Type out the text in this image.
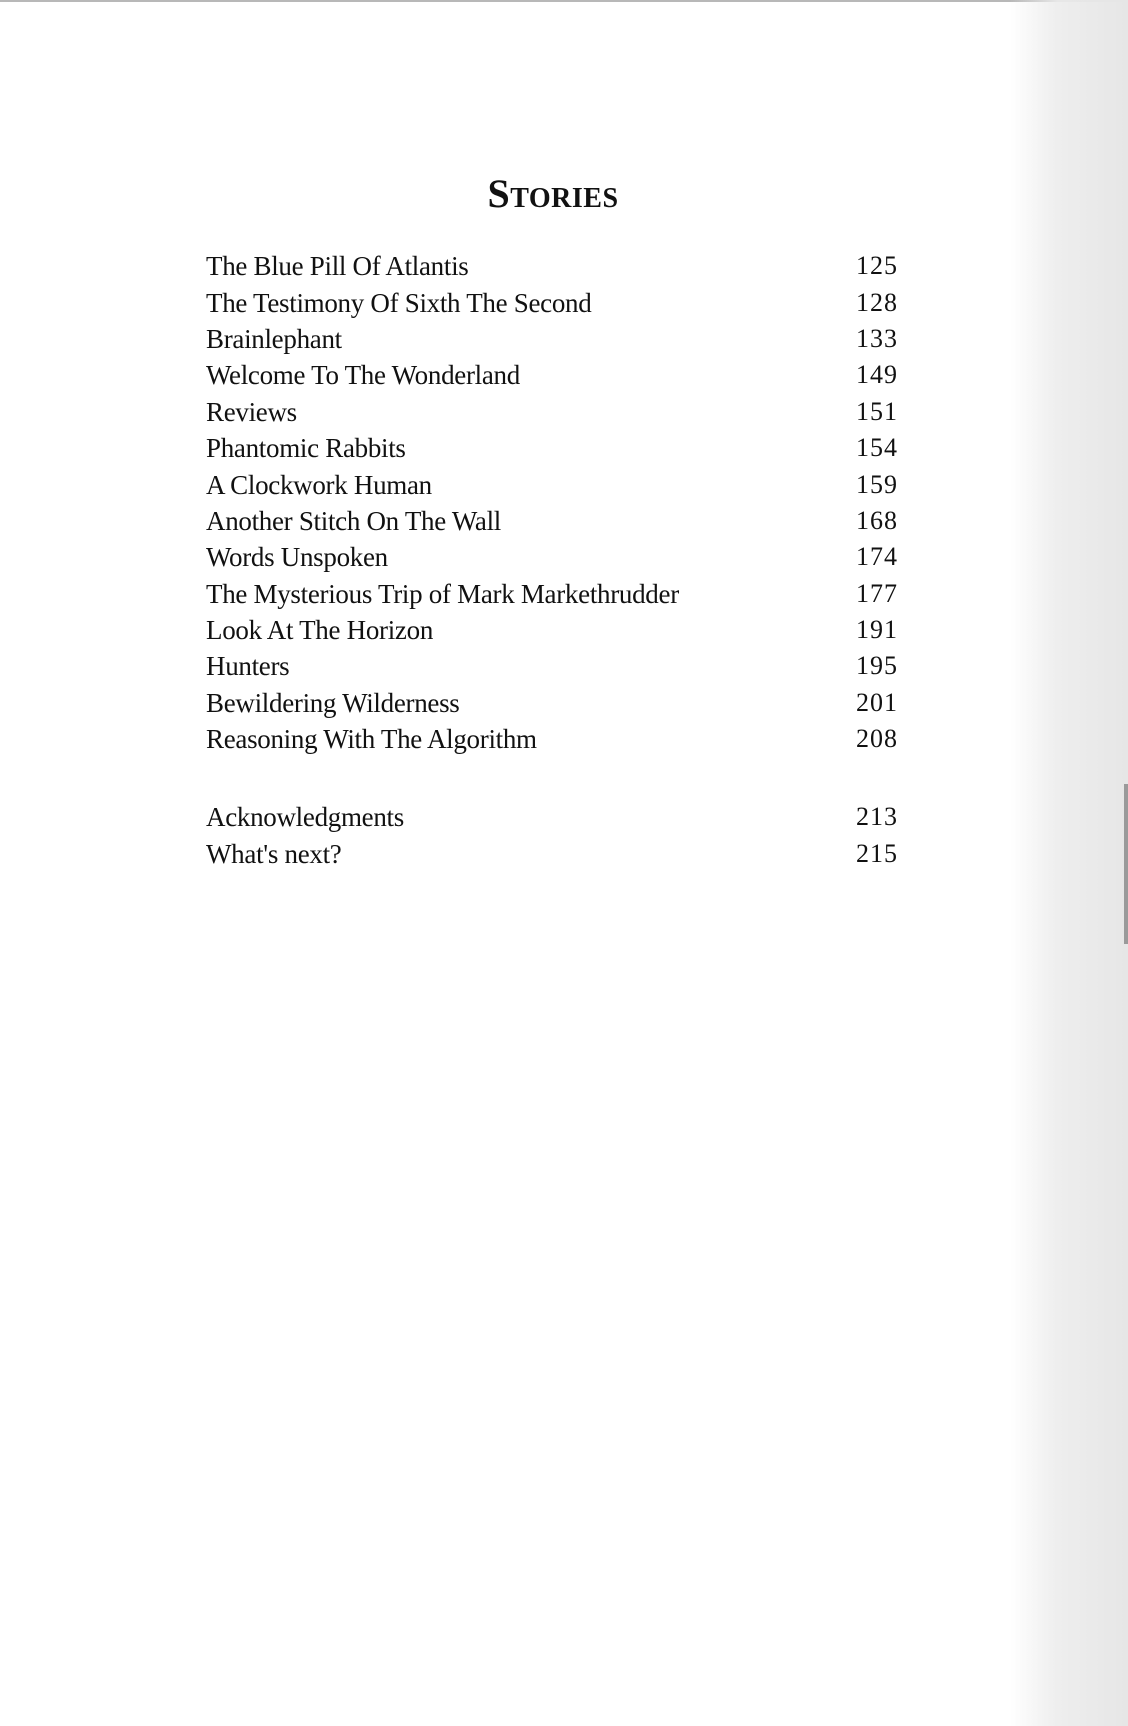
Stories
The Blue Pill Of Atlantis	125
The Testimony Of Sixth The Second	128
Brainlephant	133
Welcome To The Wonderland	149
Reviews	151
Phantomic Rabbits	154
A Clockwork Human	159
Another Stitch On The Wall	168
Words Unspoken	174
The Mysterious Trip of Mark Markethrudder	177
Look At The Horizon	191
Hunters	195
Bewildering Wilderness	201
Reasoning With The Algorithm	208
Acknowledgments	213
What's next?	215
